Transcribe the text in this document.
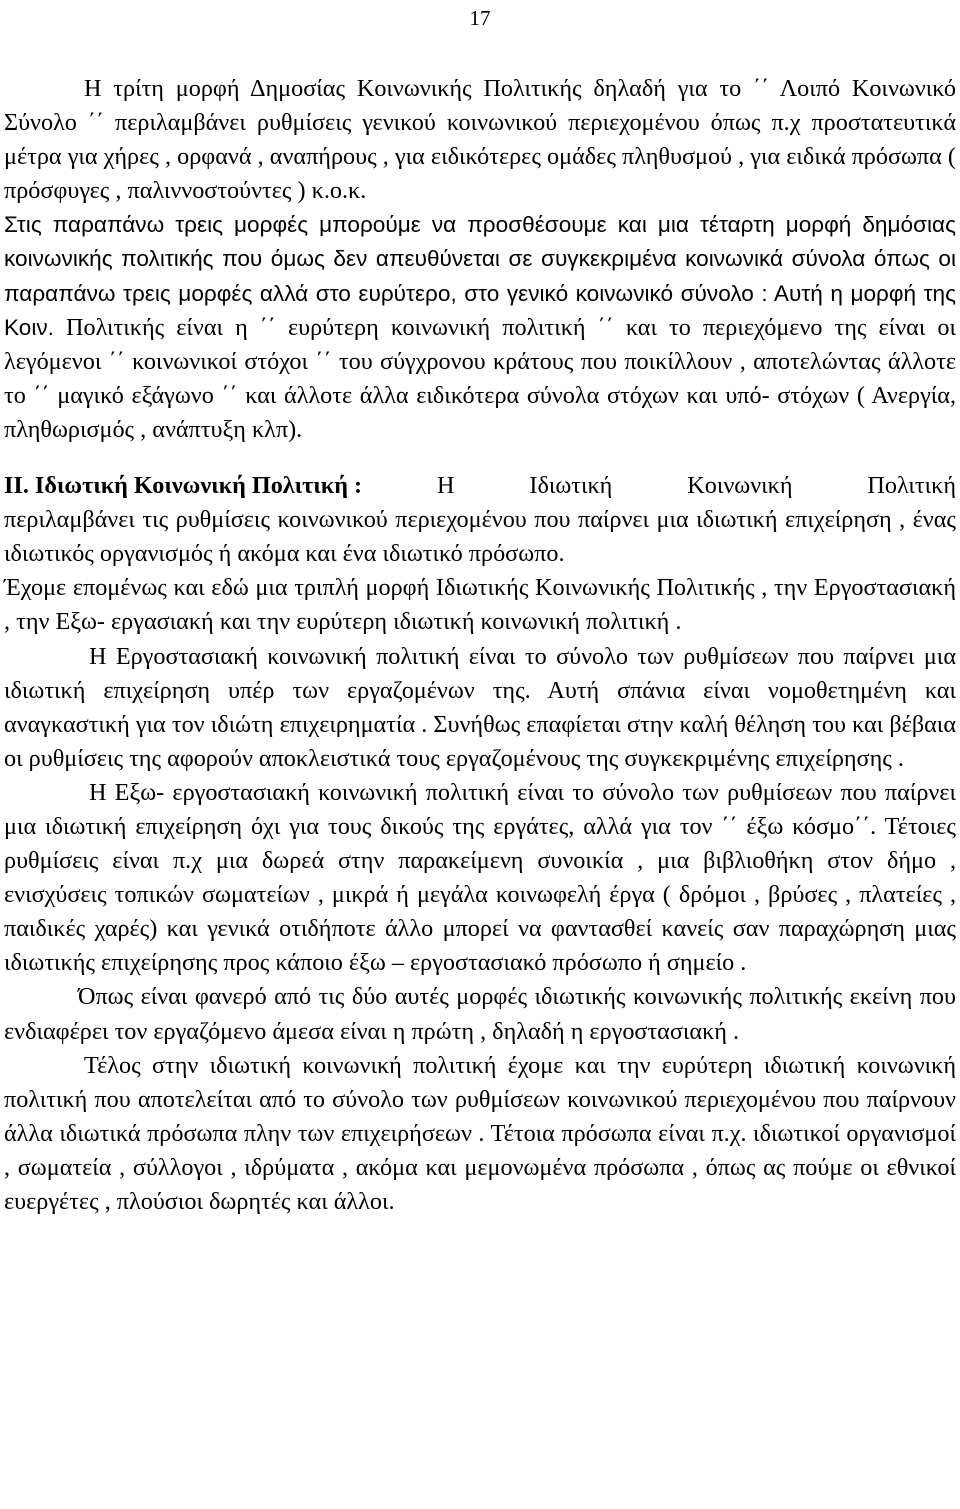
17

Η τρίτη μορφή Δημοσίας Κοινωνικής Πολιτικής δηλαδή για το ΄΄ Λοιπό Κοινωνικό Σύνολο ΄΄ περιλαμβάνει ρυθμίσεις γενικού κοινωνικού περιεχομένου όπως π.χ προστατευτικά μέτρα για χήρες , ορφανά , αναπήρους , για ειδικότερες ομάδες πληθυσμού , για ειδικά πρόσωπα ( πρόσφυγες , παλιννοστούντες ) κ.ο.κ.

Στις παραπάνω τρεις μορφές μπορούμε να προσθέσουμε και μια τέταρτη μορφή δημόσιας κοινωνικής πολιτικής που όμως δεν απευθύνεται σε συγκεκριμένα κοινωνικά σύνολα όπως οι παραπάνω τρεις μορφές αλλά στο ευρύτερο, στο γενικό κοινωνικό σύνολο : Αυτή η μορφή της Κοιν. Πολιτικής είναι η ΄΄ ευρύτερη κοινωνική πολιτική ΄΄ και το περιεχόμενο της είναι οι λεγόμενοι ΄΄ κοινωνικοί στόχοι ΄΄ του σύγχρονου κράτους που ποικίλλουν , αποτελώντας άλλοτε το ΄΄ μαγικό εξάγωνο ΄΄ και άλλοτε άλλα ειδικότερα σύνολα στόχων και υπό- στόχων ( Ανεργία, πληθωρισμός , ανάπτυξη κλπ).

ΙΙ. Ιδιωτική Κοινωνική Πολιτική :	Η	Ιδιωτική	Κοινωνική	Πολιτική

περιλαμβάνει τις ρυθμίσεις κοινωνικού περιεχομένου που παίρνει μια ιδιωτική επιχείρηση , ένας ιδιωτικός οργανισμός ή ακόμα και ένα ιδιωτικό πρόσωπο.

Έχομε επομένως και εδώ μια τριπλή μορφή Ιδιωτικής Κοινωνικής Πολιτικής , την Εργοστασιακή , την Εξω- εργασιακή και την ευρύτερη ιδιωτική κοινωνική πολιτική .

Η Εργοστασιακή κοινωνική πολιτική είναι το σύνολο των ρυθμίσεων που παίρνει μια ιδιωτική επιχείρηση υπέρ των εργαζομένων της. Αυτή σπάνια είναι νομοθετημένη και αναγκαστική για τον ιδιώτη επιχειρηματία . Συνήθως επαφίεται στην καλή θέληση του και βέβαια οι ρυθμίσεις της αφορούν αποκλειστικά τους εργαζομένους της συγκεκριμένης επιχείρησης .

Η Εξω- εργοστασιακή κοινωνική πολιτική είναι το σύνολο των ρυθμίσεων που παίρνει μια ιδιωτική επιχείρηση όχι για τους δικούς της εργάτες, αλλά για τον ΄΄ έξω κόσμο΄΄. Τέτοιες ρυθμίσεις είναι π.χ μια δωρεά στην παρακείμενη συνοικία , μια βιβλιοθήκη στον δήμο , ενισχύσεις τοπικών σωματείων , μικρά ή μεγάλα κοινωφελή έργα ( δρόμοι , βρύσες , πλατείες , παιδικές χαρές) και γενικά οτιδήποτε άλλο μπορεί να φαντασθεί κανείς σαν παραχώρηση μιας ιδιωτικής επιχείρησης προς κάποιο έξω – εργοστασιακό πρόσωπο ή σημείο .

Όπως είναι φανερό από τις δύο αυτές μορφές ιδιωτικής κοινωνικής πολιτικής εκείνη που ενδιαφέρει τον εργαζόμενο άμεσα είναι η πρώτη , δηλαδή η εργοστασιακή .

Τέλος στην ιδιωτική κοινωνική πολιτική έχομε και την ευρύτερη ιδιωτική κοινωνική πολιτική που αποτελείται από το σύνολο των ρυθμίσεων κοινωνικού περιεχομένου που παίρνουν άλλα ιδιωτικά πρόσωπα πλην των επιχειρήσεων . Τέτοια πρόσωπα είναι π.χ. ιδιωτικοί οργανισμοί , σωματεία , σύλλογοι , ιδρύματα , ακόμα και μεμονωμένα πρόσωπα , όπως ας πούμε οι εθνικοί ευεργέτες , πλούσιοι δωρητές και άλλοι.
